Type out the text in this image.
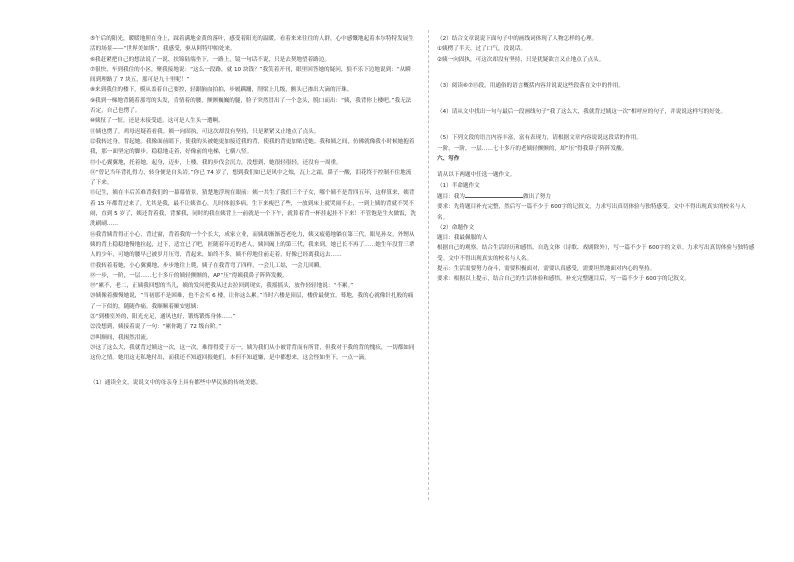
⑤午后的阳光，暖暖地照在身上，踩着满地金黄的落叶，感受着阳光的温暖，看着来来往往的人群，心中感慨地起着本尔特特发展生活的场景——“世界美如斯”，我感受，驱从阿特甲帕处来。

⑥我赶紧把自己的想法说了一说、扶锦陆端坐下，一路上，镜一句话不说，只是去契地望着路边。

⑦很快，车到我住的小区，聚我接地说：“这么一段路，就 10 块钱？”我笑着开刊，眼里回答她的疑问，狼不乐下边地说到：“从瞬间到理路了 7 块五，那可是九十里呢！”

⑧来到我住的楼下，模从盖着自己要控，轻跟脑血拍拍，步履蹒跚，削梁上几级，额头已渗出大滴的汗珠。

⑨我到一梯地背随着那弯的头发，肯情着的腰，颤颤巍巍的腿，脸子突然冒出了一个念头，脱口而出：“姨，我背你上楼吧。”我无法否定，自己也愣了。

⑩姨怔了一怔，还是未接受道，这可是人生头一遭啊。

⑪姨也愣了，鸡母迟疑着看我。姨一向固执，可这次却没有坚持，只是紧紧又止地点了点头。

⑫我转过身，背起她。我像面前睛下，使我的头被她更加接近我的背，使我的背更加贴近她。我和姨之间，仿佛就像我小时候她抱着我，那一面坚定的脚步，稳稳地走着，好像前的电梯，七横八竖。

⑬小心翼翼地，托着她，起身，迈步，上楼。我的步伐会沉力，没想到，她很轻很轻，还没有一周重。

⑭“曾记当年背扎得力，转身便是自头岩。”你已 74 岁了，想到我们如已是风中之烛，瓦上之霜，鼻子一酸，泪花终于控制不住地流了下来。

⑮记生，姨在丰后苦难背我们的一幕幕情景，猜楚地浮现在眼前：姨一共生了我们三个子女，哪个姨不是背四五年，这样算来，姨背着 15 年都背过来了，尤其是我，最不让姨省心，儿时体弱多病，生下来瘦巴了些，一放到床上就哭闹不止，一到上姨的背就不哭不闹，直到 5 岁了，姨还背着我，背爹我，同时的我在姨背上一前就是一个下午，就算着背一杯挂起挂不下来！不管饱是生火做饭，洗洗刷刷……

⑯我背姨背得正小心，背过窗，背着我的一个个长大，成家立业，而姨却渐渐苍老吃力，姨又疲倦地躺在第三代，眼见孙女，外甥从姨的背上稳稳地慢地拉起，过下，适宜已了吧，匠随着年迈的老人，姨回阖上的第三代，我来到，她已长不再了……她生年没背三辈人的少年，可她的腰早已被岁月压弯，背起来，始终不多，姨不停地往前走着，好像已经离我远去……

⑰我转着着她，小心翼翼地，步步地往上爬，姨子在我背弯了四样，一会儿工姑，一会儿回瞬。

⑱一步，一阶，一层……七十多斤的姨轻颤颤的，AP“压”得姨我鼻子阵阵发酸。

⑲“累不，老二，正姨我回想的当儿，姨的发问把我从过去拉回到现实，我摇摇头，放作轻轻地说：“不累。”

⑳姨像着骤慢她说，“当初那不是困难，也不会买 6 楼，让你这么累。”当时六楼是顶层，楼价最便宜。蓦地，我的心就像针扎般的痛了一下似的，随随作痛。我顺顺着顺安慰姨：

㉑“到楼室外的，阳光充足，通风也好，锻炼锻炼身体……”

㉒没想到，姨接着说了一句：“累你跑了 72 级台阶。”

㉓叫顺间，我揭然泪流。

㉔这了这么大，我就背过姨这一次，这一次，难得得爱于万一。姨为我们从小被背背而有所背，但我对于我的背的愧疚，一切都如同这份之情。她用这无私地付出，而我还不知道回报她们，本但不知道嫌，是中都想来，这会怪如坐下，一点一滴。

（1）通读全文，说说文中的母亲身上具有都些中华民族的传统美德。

（2）结合文章说说下面句子中的画线词体现了人物怎样的心理。

①姨楞了半天，过了口气，没说话。

②姨一向固执，可这次却没有坚持，只是犹疑欲言又止地点了点头。

（3）阅读⑥⑦⑮段，用通俗的语言概括内容并说说这些段落在文中的作用。

（4）请从文中找出一句与最后一段画线句子“我了这么大，我就背过姨这一次”相呼应的句子，并说说这样写的好处。

（5）下列文段的语言内容丰富，富有表现力，请根据文章内容说说这段话的作用。

一阶，一阶，一层……七十多斤的老姨轻颤颤的，却“压”得我鼻子阵阵发酸。

六、写作

请从以下两题中任选一题作文。

（1）半命题作文

题目：我为	做出了努力

要求：先将题目补充完整，然后写一篇不少于 600字的记叙文，力求写出真切体验与独特感受。文中不得出现真实的校名与人名。

（2）命题作文

题目：我最佩服的人

根据自己的观察，结合生活经历和感悟，自选文体（诗歌、戏剧除外），写一篇不少于 600字的文章。力求写出真切体验与独特感受。文中不得出现真实的校名与人名。

提示：生活需要努力奋斗，需要积极面对，需要认真感受，需要坦然地面对内心的坚持。

要求：根据以上提示，结合自己的生活体验和感悟，补充完整题目后，写一篇不少于 600字的记叙文。
